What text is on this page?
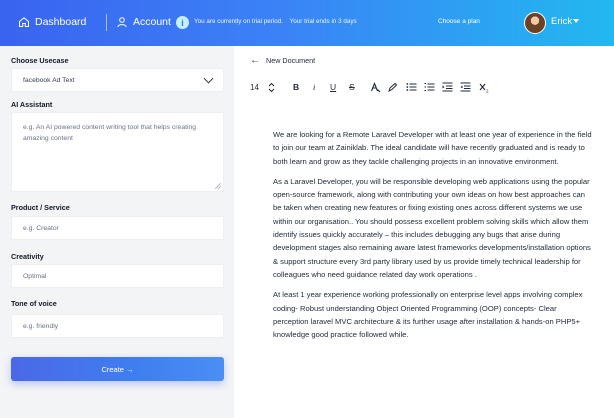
Dashboard	Account	i	You are currently on trial period. Your trial ends in 3 days	Choose a plan	Erick
Choose Usecase
facebook Ad Text
AI Assistant
e.g. An AI powered content writing tool that helps creating amazing content
Product / Service
e.g. Creator
Creativity
Optimal
Tone of voice
e.g. friendly
Create →
← New Document
14	B i U S	2

We are looking for a Remote Laravel Developer with at least one year of experience in the field to join our team at Zainiklab. The ideal candidate will have recently graduated and is ready to both learn and grow as they tackle challenging projects in an innovative environment.

As a Laravel Developer, you will be responsible developing web applications using the popular open-source framework, along with contributing your own ideas on how best approaches can be taken when creating new features or fixing existing ones across different systems we use within our organisation.. You should possess excellent problem solving skills which allow them identify issues quickly accurately – this includes debugging any bugs that arise during development stages also remaining aware latest frameworks developments/installation options & support structure every 3rd party library used by us provide timely technical leadership for colleagues who need guidance related day work operations .

At least 1 year experience working professionally on enterprise level apps involving complex coding- Robust understanding Object Oriented Programming (OOP) concepts- Clear perception laravel MVC architecture & its further usage after installation & hands-on PHP5+ knowledge good practice followed while.
